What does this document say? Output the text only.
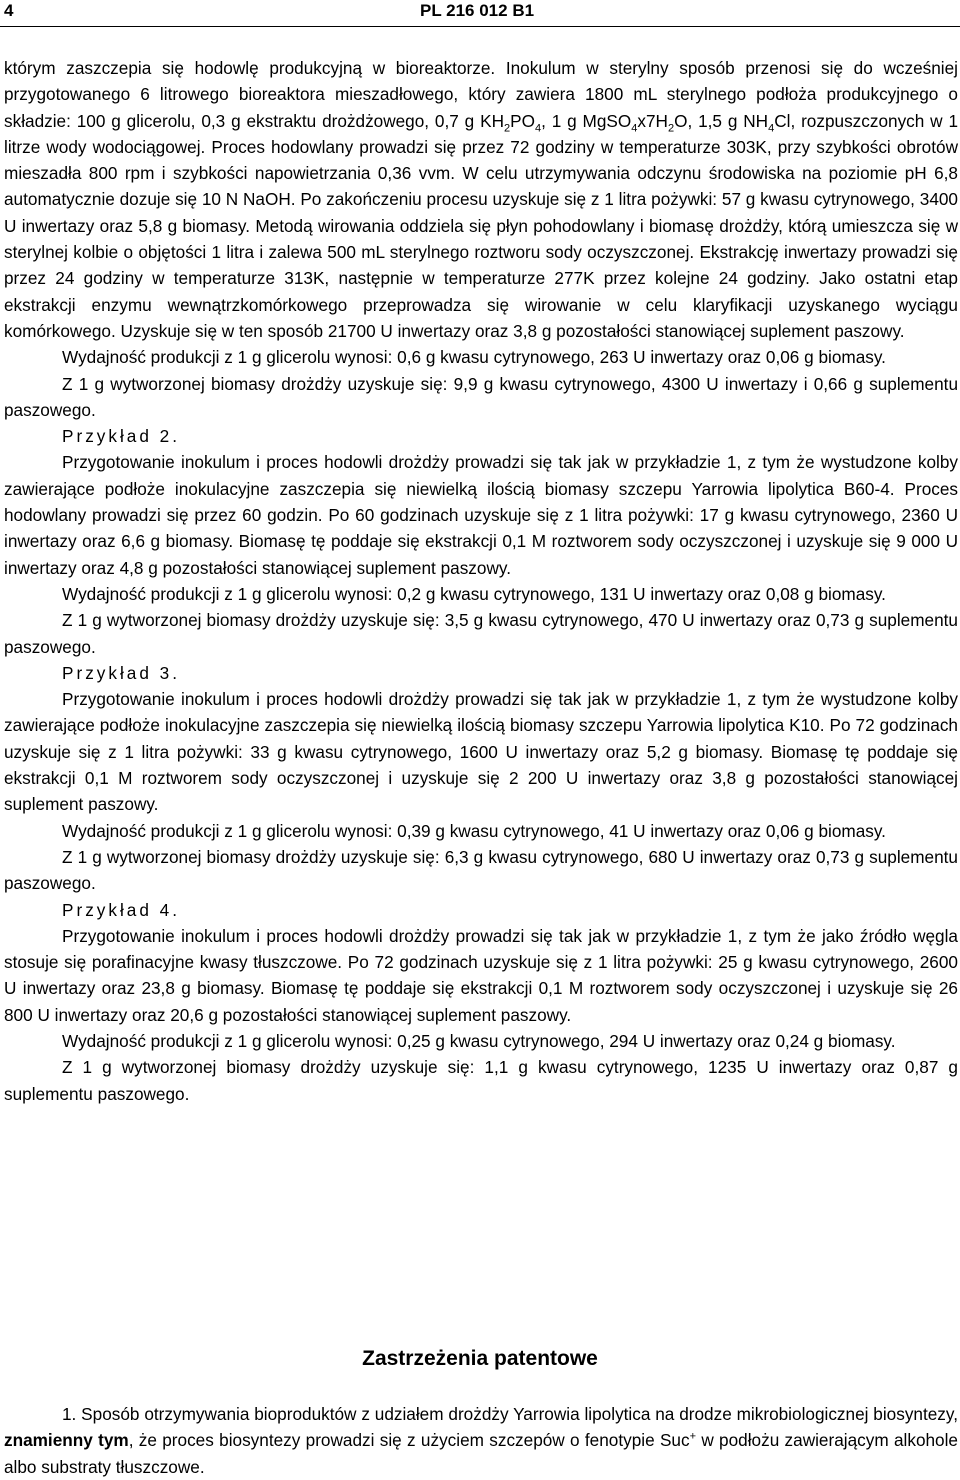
4	PL 216 012 B1

którym zaszczepia się hodowlę produkcyjną w bioreaktorze. Inokulum w sterylny sposób przenosi się do wcześniej przygotowanego 6 litrowego bioreaktora mieszadłowego, który zawiera 1800 mL sterylnego podłoża produkcyjnego o składzie: 100 g glicerolu, 0,3 g ekstraktu drożdżowego, 0,7 g $KH_2PO_4$, 1 g $MgSO_4x7H_2O$, 1,5 g $NH_4Cl$, rozpuszczonych w 1 litrze wody wodociągowej. Proces hodowlany prowadzi się przez 72 godziny w temperaturze 303K, przy szybkości obrotów mieszadła 800 rpm i szybkości napowietrzania 0,36 vvm. W celu utrzymywania odczynu środowiska na poziomie pH 6,8 automatycznie dozuje się 10 N NaOH. Po zakończeniu procesu uzyskuje się z 1 litra pożywki: 57 g kwasu cytrynowego, 3400 U inwertazy oraz 5,8 g biomasy. Metodą wirowania oddziela się płyn pohodowlany i biomasę drożdży, którą umieszcza się w sterylnej kolbie o objętości 1 litra i zalewa 500 mL sterylnego roztworu sody oczyszczonej. Ekstrakcję inwertazy prowadzi się przez 24 godziny w temperaturze 313K, następnie w temperaturze 277K przez kolejne 24 godziny. Jako ostatni etap ekstrakcji enzymu wewnątrzkomórkowego przeprowadza się wirowanie w celu klaryfikacji uzyskanego wyciągu komórkowego. Uzyskuje się w ten sposób 21700 U inwertazy oraz 3,8 g pozostałości stanowiącej suplement paszowy.

Wydajność produkcji z 1 g glicerolu wynosi: 0,6 g kwasu cytrynowego, 263 U inwertazy oraz 0,06 g biomasy.

Z 1 g wytworzonej biomasy drożdży uzyskuje się: 9,9 g kwasu cytrynowego, 4300 U inwertazy i 0,66 g suplementu paszowego.

Przykład 2.

Przygotowanie inokulum i proces hodowli drożdży prowadzi się tak jak w przykładzie 1, z tym że wystudzone kolby zawierające podłoże inokulacyjne zaszczepia się niewielką ilością biomasy szczepu Yarrowia lipolytica B60-4. Proces hodowlany prowadzi się przez 60 godzin. Po 60 godzinach uzyskuje się z 1 litra pożywki: 17 g kwasu cytrynowego, 2360 U inwertazy oraz 6,6 g biomasy. Biomasę tę poddaje się ekstrakcji 0,1 M roztworem sody oczyszczonej i uzyskuje się 9 000 U inwertazy oraz 4,8 g pozostałości stanowiącej suplement paszowy.

Wydajność produkcji z 1 g glicerolu wynosi: 0,2 g kwasu cytrynowego, 131 U inwertazy oraz 0,08 g biomasy.

Z 1 g wytworzonej biomasy drożdży uzyskuje się: 3,5 g kwasu cytrynowego, 470 U inwertazy oraz 0,73 g suplementu paszowego.

Przykład 3.

Przygotowanie inokulum i proces hodowli drożdży prowadzi się tak jak w przykładzie 1, z tym że wystudzone kolby zawierające podłoże inokulacyjne zaszczepia się niewielką ilością biomasy szczepu Yarrowia lipolytica K10. Po 72 godzinach uzyskuje się z 1 litra pożywki: 33 g kwasu cytrynowego, 1600 U inwertazy oraz 5,2 g biomasy. Biomasę tę poddaje się ekstrakcji 0,1 M roztworem sody oczyszczonej i uzyskuje się 2 200 U inwertazy oraz 3,8 g pozostałości stanowiącej suplement paszowy.

Wydajność produkcji z 1 g glicerolu wynosi: 0,39 g kwasu cytrynowego, 41 U inwertazy oraz 0,06 g biomasy.

Z 1 g wytworzonej biomasy drożdży uzyskuje się: 6,3 g kwasu cytrynowego, 680 U inwertazy oraz 0,73 g suplementu paszowego.

Przykład 4.

Przygotowanie inokulum i proces hodowli drożdży prowadzi się tak jak w przykładzie 1, z tym że jako źródło węgla stosuje się porafinacyjne kwasy tłuszczowe. Po 72 godzinach uzyskuje się z 1 litra pożywki: 25 g kwasu cytrynowego, 2600 U inwertazy oraz 23,8 g biomasy. Biomasę tę poddaje się ekstrakcji 0,1 M roztworem sody oczyszczonej i uzyskuje się 26 800 U inwertazy oraz 20,6 g pozostałości stanowiącej suplement paszowy.

Wydajność produkcji z 1 g glicerolu wynosi: 0,25 g kwasu cytrynowego, 294 U inwertazy oraz 0,24 g biomasy.

Z 1 g wytworzonej biomasy drożdży uzyskuje się: 1,1 g kwasu cytrynowego, 1235 U inwertazy oraz 0,87 g suplementu paszowego.

Zastrzeżenia patentowe

1. Sposób otrzymywania bioproduktów z udziałem drożdży Yarrowia lipolytica na drodze mikrobiologicznej biosyntezy, znamienny tym, że proces biosyntezy prowadzi się z użyciem szczepów o fenotypie Suc+ w podłożu zawierającym alkohole albo substraty tłuszczowe.
